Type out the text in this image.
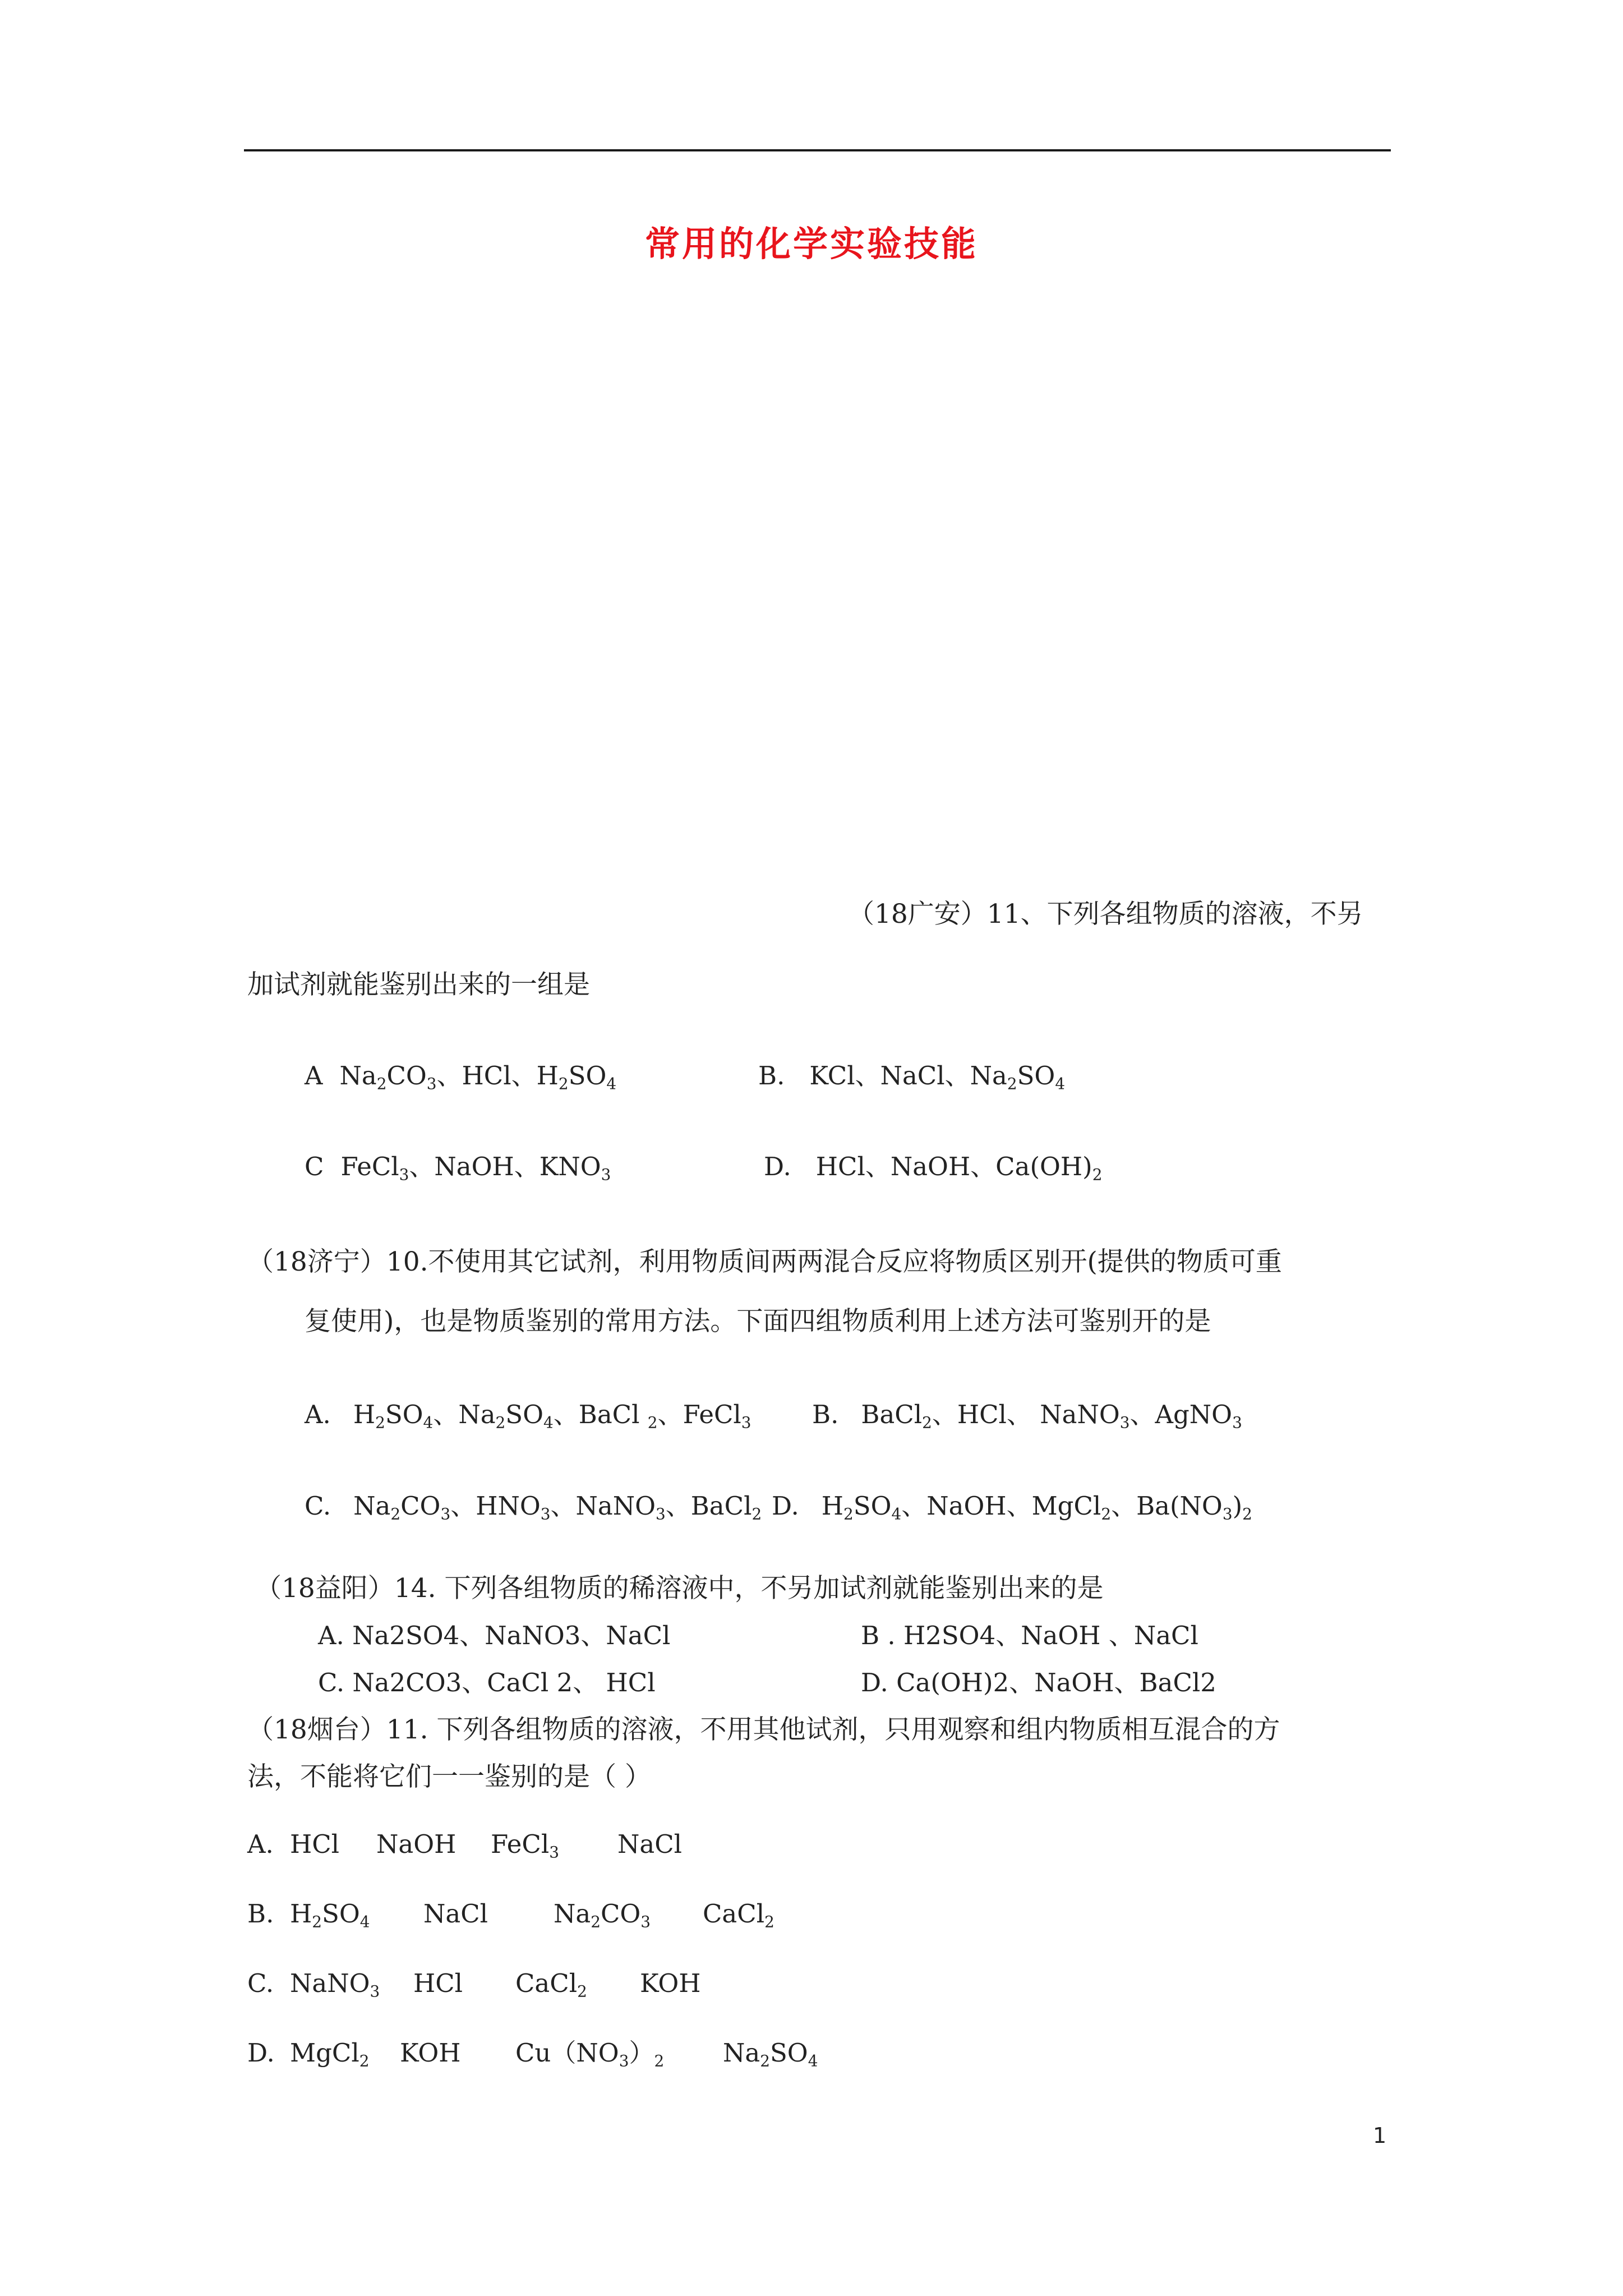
常用的化学实验技能
（18广安）11、下列各组物质的溶液，不另
加试剂就能鉴别出来的一组是
A $Na_2CO_3$、HCl、$H_2SO_4$	B. KCl、NaCl、$Na_2SO_4$
C FeCl$_3$、NaOH、$KNO_3$	D. HCl、NaOH、$Ca(OH)_2$
（18济宁）10.不使用其它试剂，利用物质间两两混合反应将物质区别开(提供的物质可重
复使用)，也是物质鉴别的常用方法。下面四组物质利用上述方法可鉴别开的是
A. $H_2SO_4$、$Na_2SO_4$、BaCl $_2$、FeCl$_3$ B. BaCl$_2$、HCl、 NaNO$_3$、AgNO$_3$
C. $Na_2CO_3$、$HNO_3$、NaNO$_3$、BaCl$_2$ D. $H_2SO_4$、NaOH、MgCl$_2$、$Ba(NO_3)_2$
（18益阳）14. 下列各组物质的稀溶液中，不另加试剂就能鉴别出来的是
A. Na2SO4、NaNO3、NaCl	B . H2SO4、NaOH 、NaCl
C. Na2CO3、CaCl 2、 HCl	D. Ca(OH)2、NaOH、BaCl2
（18烟台）11. 下列各组物质的溶液，不用其他试剂，只用观察和组内物质相互混合的方
法，不能将它们一一鉴别的是（ ）
A. HCl NaOH FeCl$_3$ NaCl
B. $H_2SO_4$ NaCl	$Na_2CO_3$ CaCl$_2$
C. NaNO$_3$ HCl CaCl$_2$ KOH
D. MgCl$_2$ KOH $Cu(NO_3)_2$ $Na_2SO_4$
1
